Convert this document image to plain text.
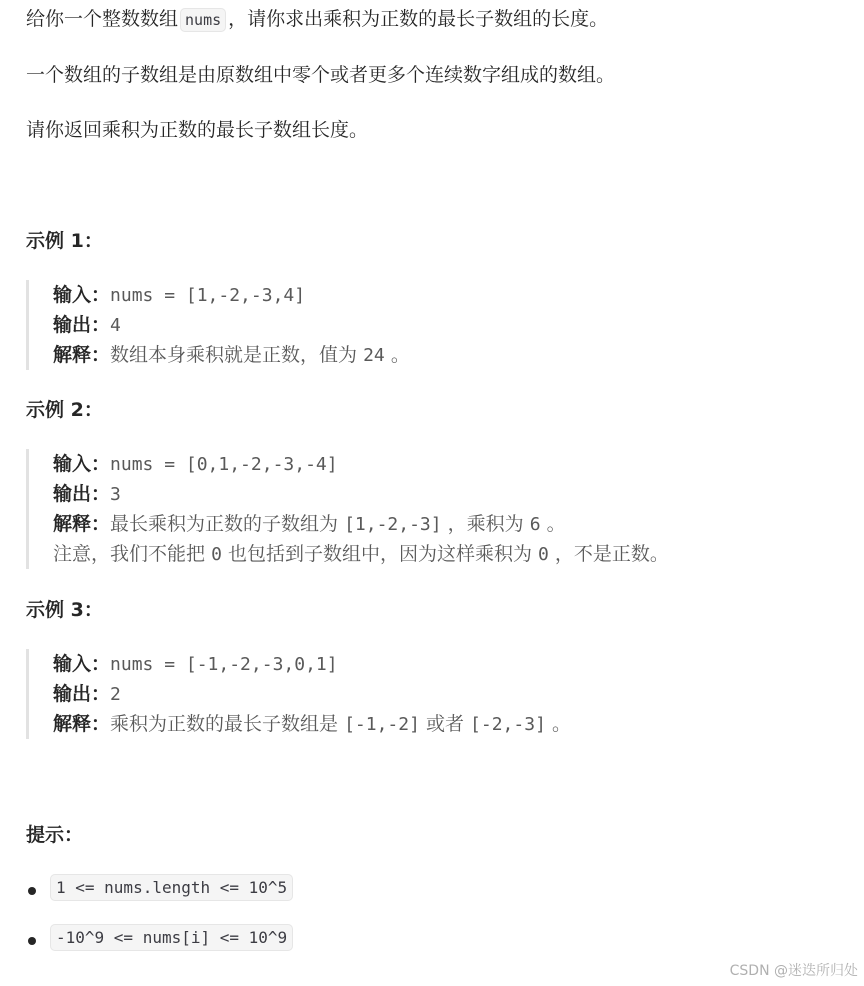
给你一个整数数组 nums ，请你求出乘积为正数的最长子数组的长度。
一个数组的子数组是由原数组中零个或者更多个连续数字组成的数组。
请你返回乘积为正数的最长子数组长度。
示例 1：
输入：nums = [1,-2,-3,4]
输出：4
解释：数组本身乘积就是正数，值为 24 。
示例 2：
输入：nums = [0,1,-2,-3,-4]
输出：3
解释：最长乘积为正数的子数组为 [1,-2,-3] ，乘积为 6 。
注意，我们不能把 0 也包括到子数组中，因为这样乘积为 0 ，不是正数。
示例 3：
输入：nums = [-1,-2,-3,0,1]
输出：2
解释：乘积为正数的最长子数组是 [-1,-2] 或者 [-2,-3] 。
提示：
1 <= nums.length <= 10^5
-10^9 <= nums[i] <= 10^9
CSDN @迷迭所归处
